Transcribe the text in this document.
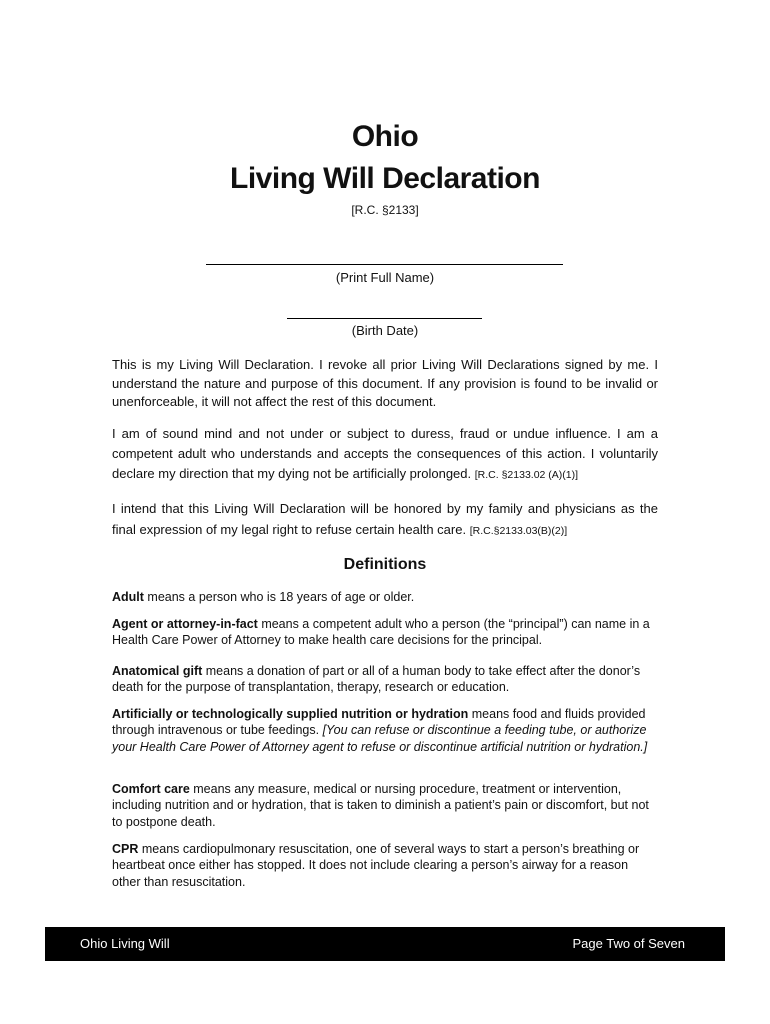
Ohio
Living Will Declaration
[R.C. §2133]
(Print Full Name)
(Birth Date)

This is my Living Will Declaration. I revoke all prior Living Will Declarations signed by me. I understand the nature and purpose of this document. If any provision is found to be invalid or unenforceable, it will not affect the rest of this document.

I am of sound mind and not under or subject to duress, fraud or undue influence. I am a competent adult who understands and accepts the consequences of this action. I voluntarily declare my direction that my dying not be artificially prolonged. [R.C. §2133.02 (A)(1)]

I intend that this Living Will Declaration will be honored by my family and physicians as the final expression of my legal right to refuse certain health care. [R.C.§2133.03(B)(2)]

Definitions

Adult means a person who is 18 years of age or older.

Agent or attorney-in-fact means a competent adult who a person (the “principal”) can name in a Health Care Power of Attorney to make health care decisions for the principal.

Anatomical gift means a donation of part or all of a human body to take effect after the donor’s death for the purpose of transplantation, therapy, research or education.

Artificially or technologically supplied nutrition or hydration means food and fluids provided through intravenous or tube feedings. [You can refuse or discontinue a feeding tube, or authorize your Health Care Power of Attorney agent to refuse or discontinue artificial nutrition or hydration.]

Comfort care means any measure, medical or nursing procedure, treatment or intervention, including nutrition and or hydration, that is taken to diminish a patient’s pain or discomfort, but not to postpone death.

CPR means cardiopulmonary resuscitation, one of several ways to start a person’s breathing or heartbeat once either has stopped. It does not include clearing a person’s airway for a reason other than resuscitation.

Ohio Living Will	Page Two of Seven
